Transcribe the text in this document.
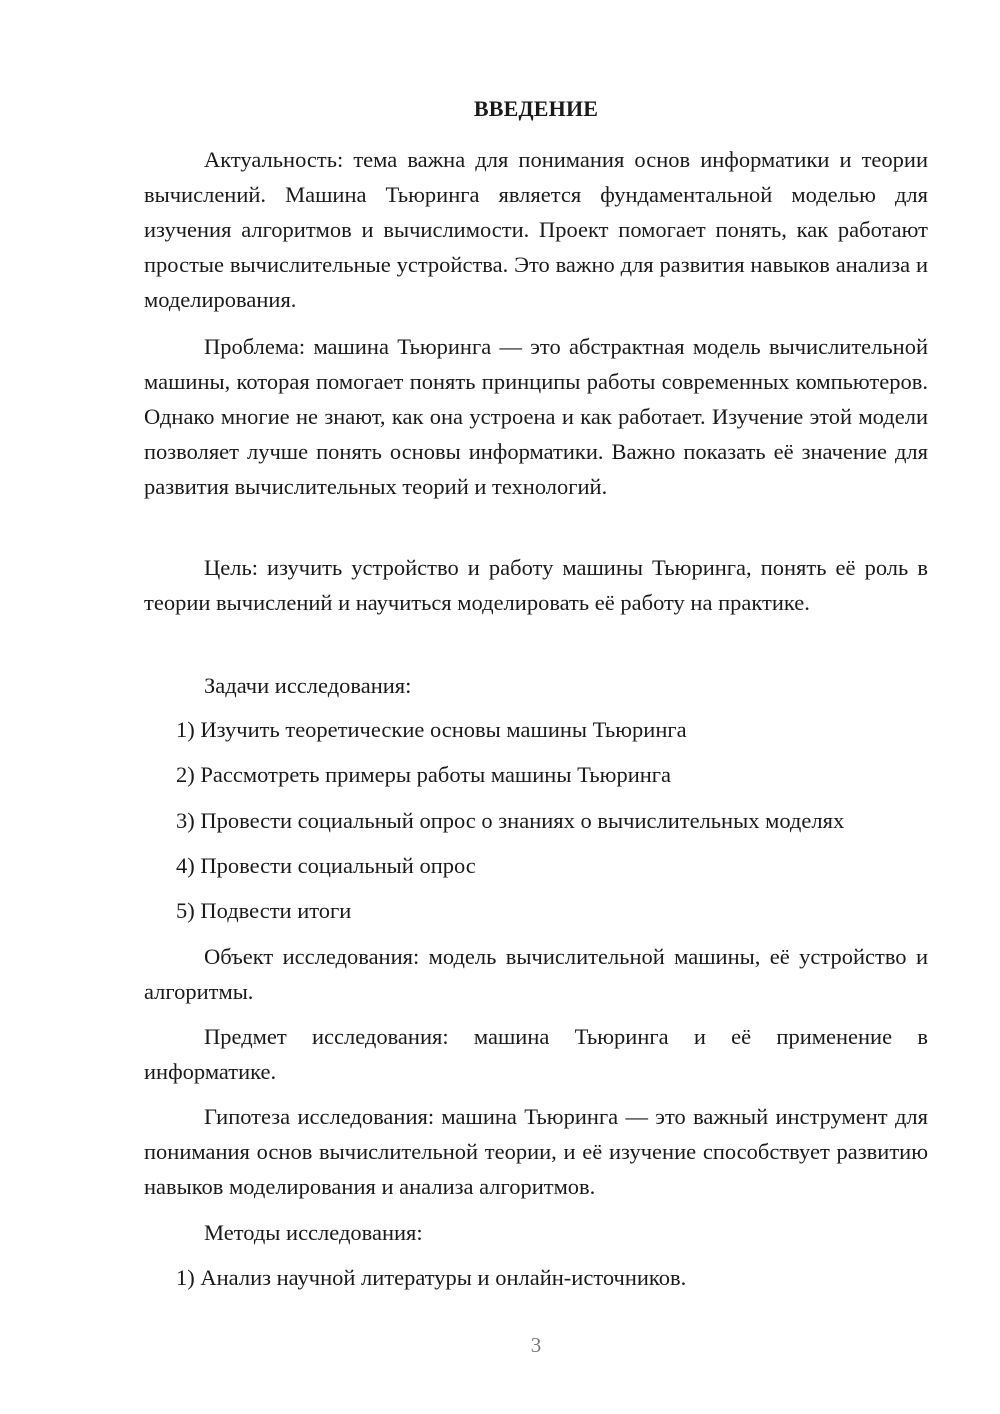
ВВЕДЕНИЕ

Актуальность: тема важна для понимания основ информатики и теории вычислений. Машина Тьюринга является фундаментальной моделью для изучения алгоритмов и вычислимости. Проект помогает понять, как работают простые вычислительные устройства. Это важно для развития навыков анализа и моделирования.

Проблема: машина Тьюринга — это абстрактная модель вычислительной машины, которая помогает понять принципы работы современных компьютеров. Однако многие не знают, как она устроена и как работает. Изучение этой модели позволяет лучше понять основы информатики. Важно показать её значение для развития вычислительных теорий и технологий.

Цель: изучить устройство и работу машины Тьюринга, понять её роль в теории вычислений и научиться моделировать её работу на практике.

Задачи исследования:

1) Изучить теоретические основы машины Тьюринга

2) Рассмотреть примеры работы машины Тьюринга

3) Провести социальный опрос о знаниях о вычислительных моделях

4) Провести социальный опрос

5) Подвести итоги

Объект исследования: модель вычислительной машины, её устройство и алгоритмы.

Предмет исследования: машина Тьюринга и её применение в информатике.

Гипотеза исследования: машина Тьюринга — это важный инструмент для понимания основ вычислительной теории, и её изучение способствует развитию навыков моделирования и анализа алгоритмов.

Методы исследования:

1) Анализ научной литературы и онлайн-источников.

3
